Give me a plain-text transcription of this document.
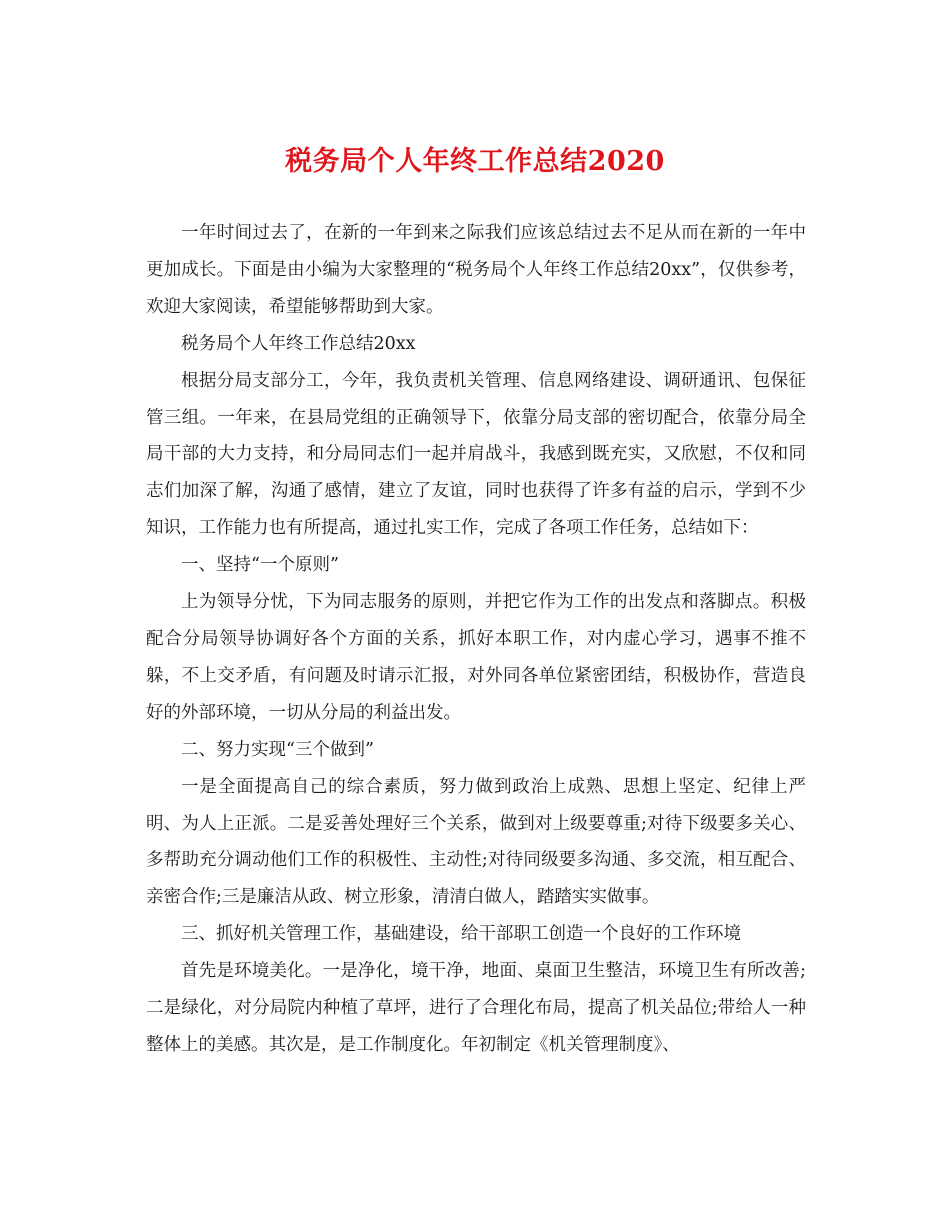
税务局个人年终工作总结2020

一年时间过去了，在新的一年到来之际我们应该总结过去不足从而在新的一年中更加成长。下面是由小编为大家整理的“税务局个人年终工作总结20xx”，仅供参考，欢迎大家阅读，希望能够帮助到大家。

税务局个人年终工作总结20xx

根据分局支部分工，今年，我负责机关管理、信息网络建设、调研通讯、包保征管三组。一年来，在县局党组的正确领导下，依靠分局支部的密切配合，依靠分局全局干部的大力支持，和分局同志们一起并肩战斗，我感到既充实，又欣慰，不仅和同志们加深了解，沟通了感情，建立了友谊，同时也获得了许多有益的启示，学到不少知识，工作能力也有所提高，通过扎实工作，完成了各项工作任务，总结如下：

一、坚持“一个原则”

上为领导分忧，下为同志服务的原则，并把它作为工作的出发点和落脚点。积极配合分局领导协调好各个方面的关系，抓好本职工作，对内虚心学习，遇事不推不躲，不上交矛盾，有问题及时请示汇报，对外同各单位紧密团结，积极协作，营造良好的外部环境，一切从分局的利益出发。

二、努力实现“三个做到”

一是全面提高自己的综合素质，努力做到政治上成熟、思想上坚定、纪律上严明、为人上正派。二是妥善处理好三个关系，做到对上级要尊重;对待下级要多关心、多帮助充分调动他们工作的积极性、主动性;对待同级要多沟通、多交流，相互配合、亲密合作;三是廉洁从政、树立形象，清清白做人，踏踏实实做事。

三、抓好机关管理工作，基础建设，给干部职工创造一个良好的工作环境

首先是环境美化。一是净化，境干净，地面、桌面卫生整洁，环境卫生有所改善;二是绿化，对分局院内种植了草坪，进行了合理化布局，提高了机关品位;带给人一种整体上的美感。其次是，是工作制度化。年初制定《机关管理制度》、
